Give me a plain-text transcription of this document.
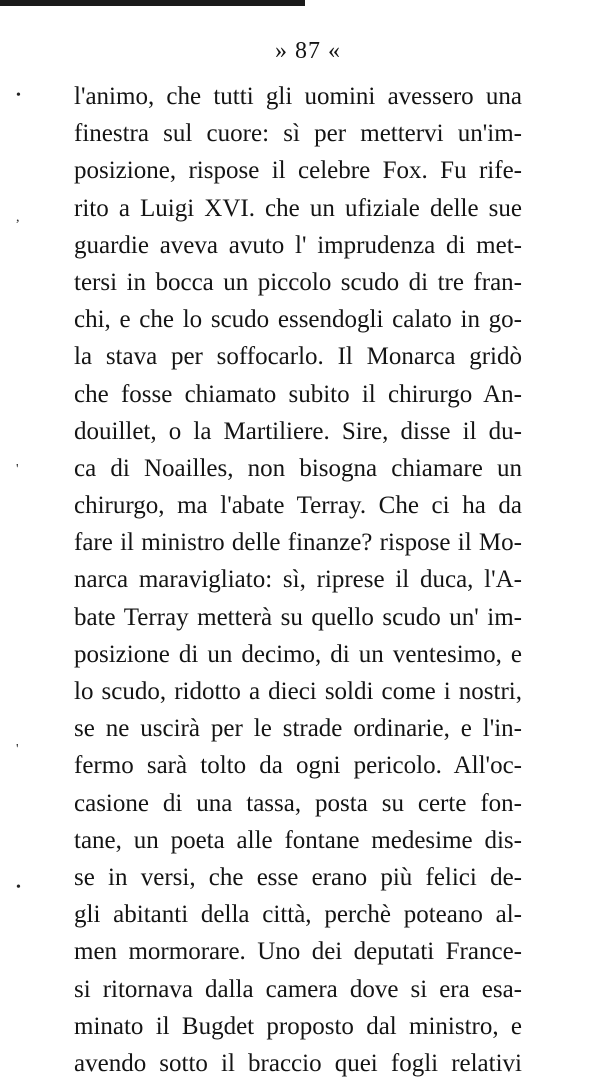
» 87 «
l'animo, che tutti gli uomini avessero una
finestra sul cuore: sì per mettervi un'im-
posizione, rispose il celebre Fox. Fu rife-
rito a Luigi XVI. che un ufiziale delle sue
guardie aveva avuto l' imprudenza di met-
tersi in bocca un piccolo scudo di tre fran-
chi, e che lo scudo essendogli calato in go-
la stava per soffocarlo. Il Monarca gridò
che fosse chiamato subito il chirurgo An-
douillet, o la Martiliere. Sire, disse il du-
ca di Noailles, non bisogna chiamare un
chirurgo, ma l'abate Terray. Che ci ha da
fare il ministro delle finanze? rispose il Mo-
narca maravigliato: sì, riprese il duca, l'A-
bate Terray metterà su quello scudo un' im-
posizione di un decimo, di un ventesimo, e
lo scudo, ridotto a dieci soldi come i nostri,
se ne uscirà per le strade ordinarie, e l'in-
fermo sarà tolto da ogni pericolo. All'oc-
casione di una tassa, posta su certe fon-
tane, un poeta alle fontane medesime dis-
se in versi, che esse erano più felici de-
gli abitanti della città, perchè poteano al-
men mormorare. Uno dei deputati France-
si ritornava dalla camera dove si era esa-
minato il Bugdet proposto dal ministro, e
avendo sotto il braccio quei fogli relativi
•
,
'
'
•
